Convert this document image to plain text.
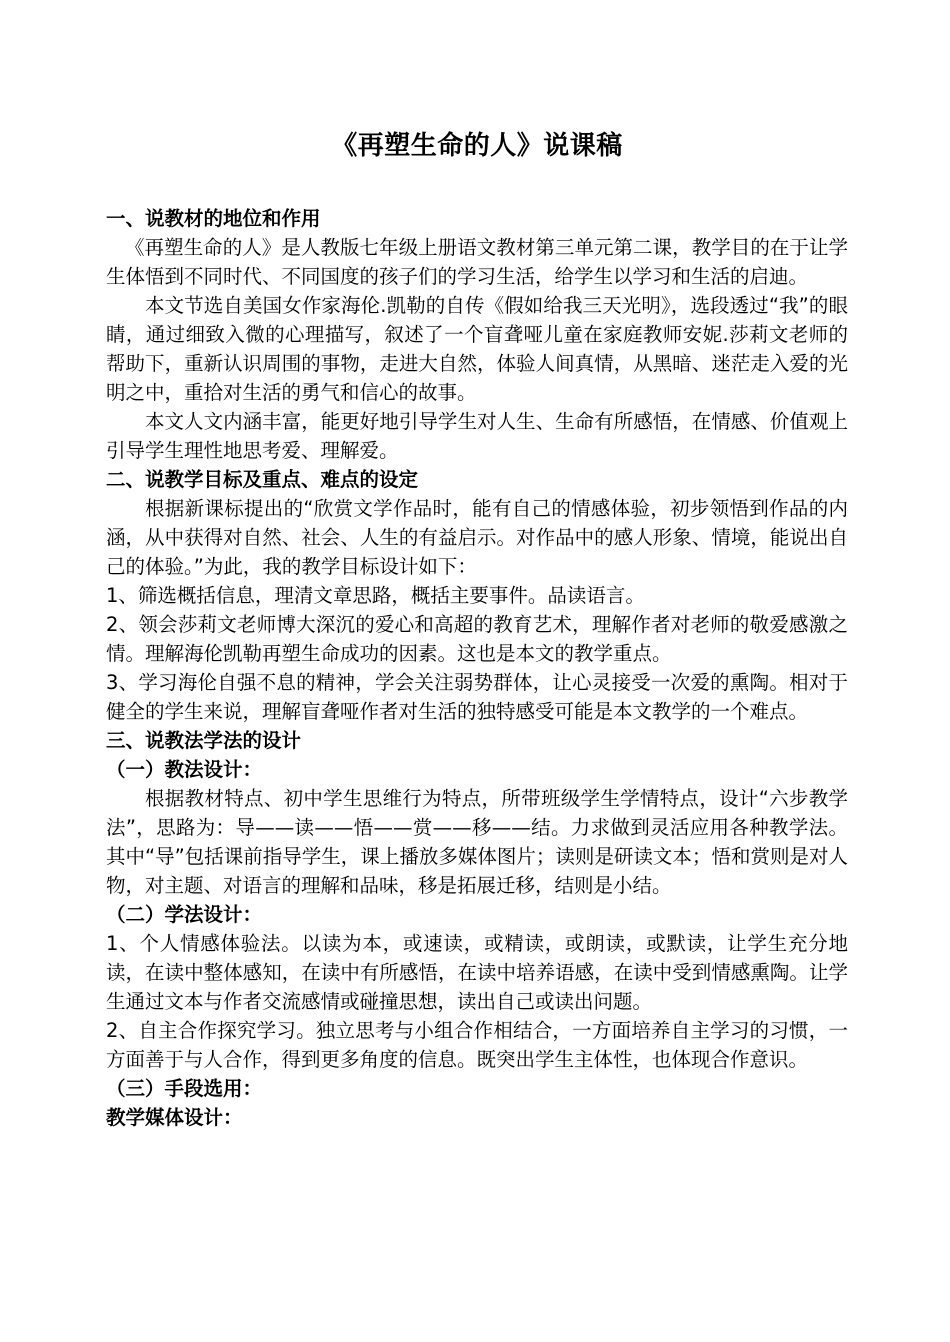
《再塑生命的人》说课稿

一、说教材的地位和作用

《再塑生命的人》是人教版七年级上册语文教材第三单元第二课，教学目的在于让学生体悟到不同时代、不同国度的孩子们的学习生活，给学生以学习和生活的启迪。

本文节选自美国女作家海伦.凯勒的自传《假如给我三天光明》，选段透过“我”的眼睛，通过细致入微的心理描写，叙述了一个盲聋哑儿童在家庭教师安妮.莎莉文老师的帮助下，重新认识周围的事物，走进大自然，体验人间真情，从黑暗、迷茫走入爱的光明之中，重拾对生活的勇气和信心的故事。

本文人文内涵丰富，能更好地引导学生对人生、生命有所感悟，在情感、价值观上引导学生理性地思考爱、理解爱。

二、说教学目标及重点、难点的设定

根据新课标提出的“欣赏文学作品时，能有自己的情感体验，初步领悟到作品的内涵，从中获得对自然、社会、人生的有益启示。对作品中的感人形象、情境，能说出自己的体验。”为此，我的教学目标设计如下：

1、筛选概括信息，理清文章思路，概括主要事件。品读语言。

2、领会莎莉文老师博大深沉的爱心和高超的教育艺术，理解作者对老师的敬爱感激之情。理解海伦凯勒再塑生命成功的因素。这也是本文的教学重点。

3、学习海伦自强不息的精神，学会关注弱势群体，让心灵接受一次爱的熏陶。相对于健全的学生来说，理解盲聋哑作者对生活的独特感受可能是本文教学的一个难点。

三、说教法学法的设计

（一）教法设计：

根据教材特点、初中学生思维行为特点，所带班级学生学情特点，设计“六步教学法”，思路为：导——读——悟——赏——移——结。力求做到灵活应用各种教学法。其中“导”包括课前指导学生，课上播放多媒体图片；读则是研读文本；悟和赏则是对人物，对主题、对语言的理解和品味，移是拓展迁移，结则是小结。

（二）学法设计：

1、个人情感体验法。以读为本，或速读，或精读，或朗读，或默读，让学生充分地读，在读中整体感知，在读中有所感悟，在读中培养语感，在读中受到情感熏陶。让学生通过文本与作者交流感情或碰撞思想，读出自己或读出问题。

2、自主合作探究学习。独立思考与小组合作相结合，一方面培养自主学习的习惯，一方面善于与人合作，得到更多角度的信息。既突出学生主体性，也体现合作意识。

（三）手段选用：

教学媒体设计：
